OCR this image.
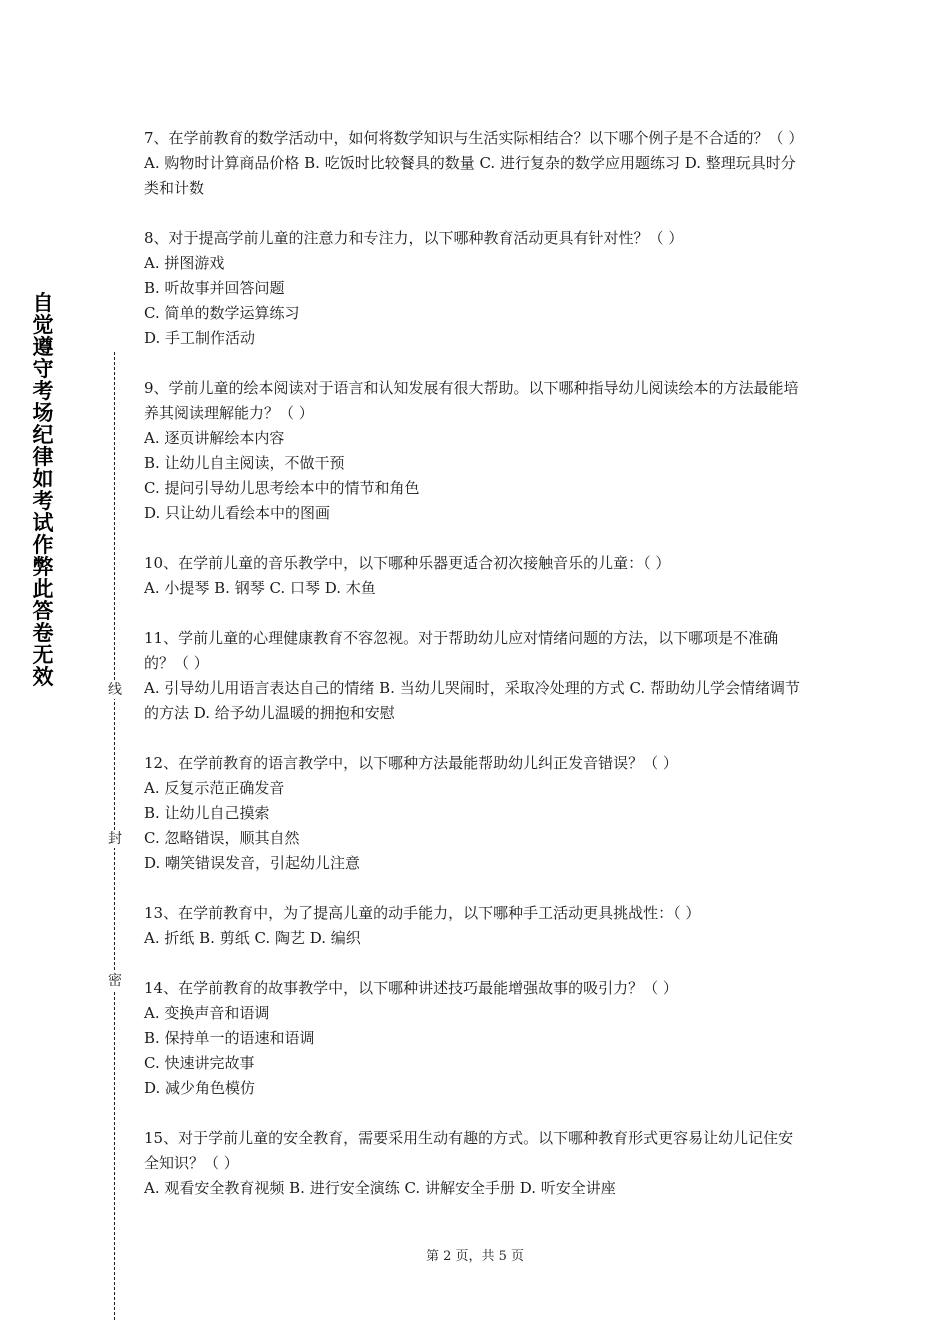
自觉遵守考场纪律如考试作弊此答卷无效
线
封
密

7、在学前教育的数学活动中，如何将数学知识与生活实际相结合？以下哪个例子是不合适的？（ ）

A. 购物时计算商品价格 B. 吃饭时比较餐具的数量 C. 进行复杂的数学应用题练习 D. 整理玩具时分类和计数

8、对于提高学前儿童的注意力和专注力，以下哪种教育活动更具有针对性？（ ）

A. 拼图游戏

B. 听故事并回答问题

C. 简单的数学运算练习

D. 手工制作活动

9、学前儿童的绘本阅读对于语言和认知发展有很大帮助。以下哪种指导幼儿阅读绘本的方法最能培养其阅读理解能力？（ ）

A. 逐页讲解绘本内容

B. 让幼儿自主阅读，不做干预

C. 提问引导幼儿思考绘本中的情节和角色

D. 只让幼儿看绘本中的图画

10、在学前儿童的音乐教学中，以下哪种乐器更适合初次接触音乐的儿童：（ ）

A. 小提琴 B. 钢琴 C. 口琴 D. 木鱼

11、学前儿童的心理健康教育不容忽视。对于帮助幼儿应对情绪问题的方法，以下哪项是不准确的？（ ）

A. 引导幼儿用语言表达自己的情绪 B. 当幼儿哭闹时，采取冷处理的方式 C. 帮助幼儿学会情绪调节的方法 D. 给予幼儿温暖的拥抱和安慰

12、在学前教育的语言教学中，以下哪种方法最能帮助幼儿纠正发音错误？（ ）

A. 反复示范正确发音

B. 让幼儿自己摸索

C. 忽略错误，顺其自然

D. 嘲笑错误发音，引起幼儿注意

13、在学前教育中，为了提高儿童的动手能力，以下哪种手工活动更具挑战性：（ ）

A. 折纸 B. 剪纸 C. 陶艺 D. 编织

14、在学前教育的故事教学中，以下哪种讲述技巧最能增强故事的吸引力？（ ）

A. 变换声音和语调

B. 保持单一的语速和语调

C. 快速讲完故事

D. 减少角色模仿

15、对于学前儿童的安全教育，需要采用生动有趣的方式。以下哪种教育形式更容易让幼儿记住安全知识？（ ）

A. 观看安全教育视频 B. 进行安全演练 C. 讲解安全手册 D. 听安全讲座

第 2 页，共 5 页
